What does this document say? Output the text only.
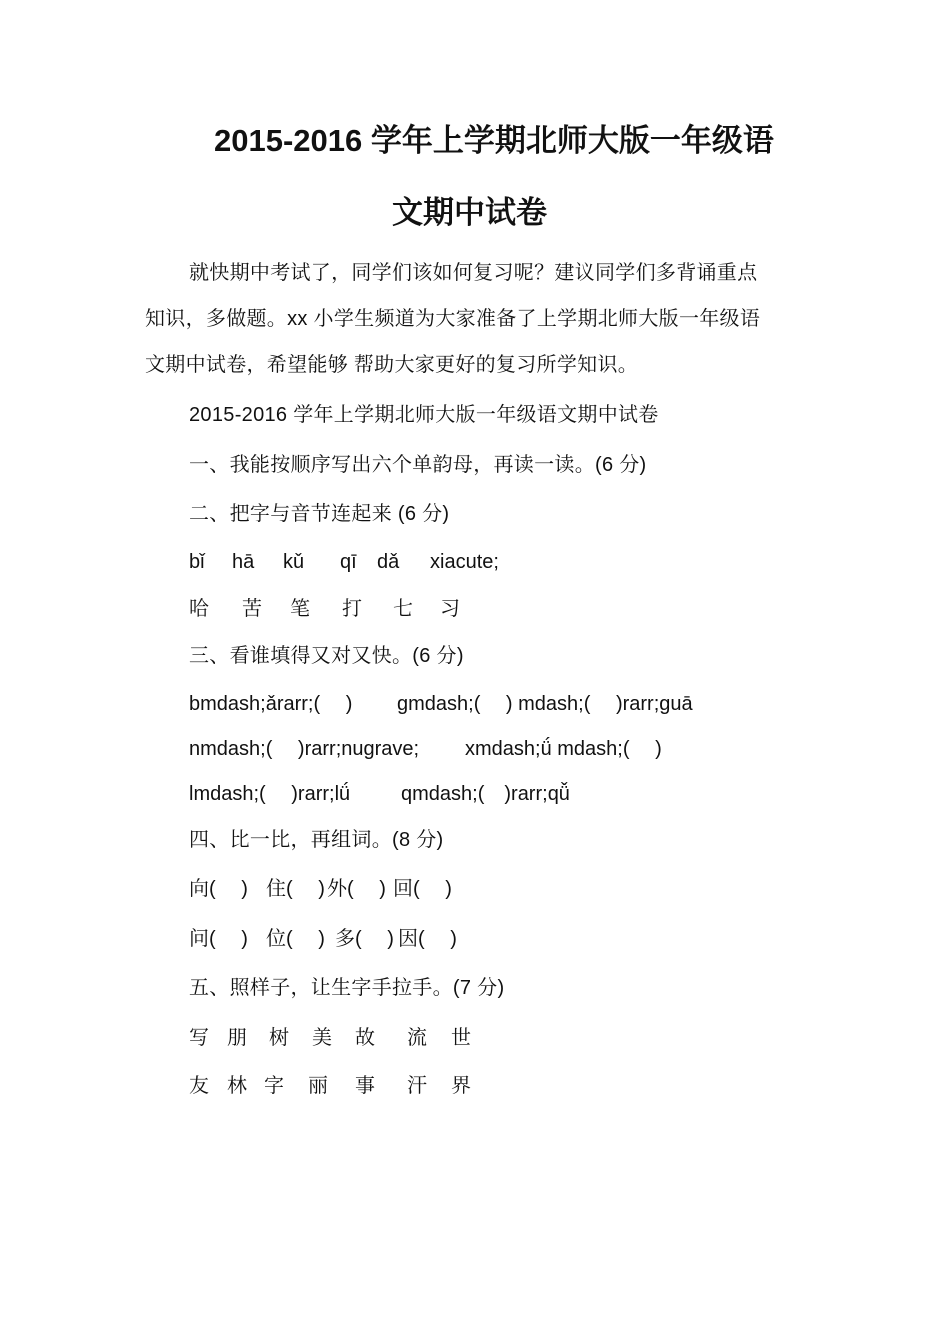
2015-2016 学年上学期北师大版一年级语
文期中试卷

就快期中考试了，同学们该如何复习呢？建议同学们多背诵重点

知识，多做题。xx 小学生频道为大家准备了上学期北师大版一年级语

文期中试卷，希望能够 帮助大家更好的复习所学知识。

2015-2016 学年上学期北师大版一年级语文期中试卷

一、我能按顺序写出六个单韵母，再读一读。(6 分)

二、把字与音节连起来 (6 分)

bǐ hā kǔ qī dǎ xiacute;
哈 苦 笔 打 七 习

三、看谁填得又对又快。(6 分)

bmdash;ǎrarr;(　 ) gmdash;(　 ) mdash;(　 )rarr;guā
nmdash;(　 )rarr;nugrave; xmdash;ǘ mdash;(　 )
lmdash;(　 )rarr;lǘ	qmdash;(　)rarr;qǚ

四、比一比，再组词。(8 分)

向(　 ) 住(　 ) 外(　 ) 回(　 )
问(　 ) 位(　 ) 多(　 ) 因(　 )

五、照样子，让生字手拉手。(7 分)

写 朋 树 美 故 流 世
友 林 字 丽 事 汗 界
